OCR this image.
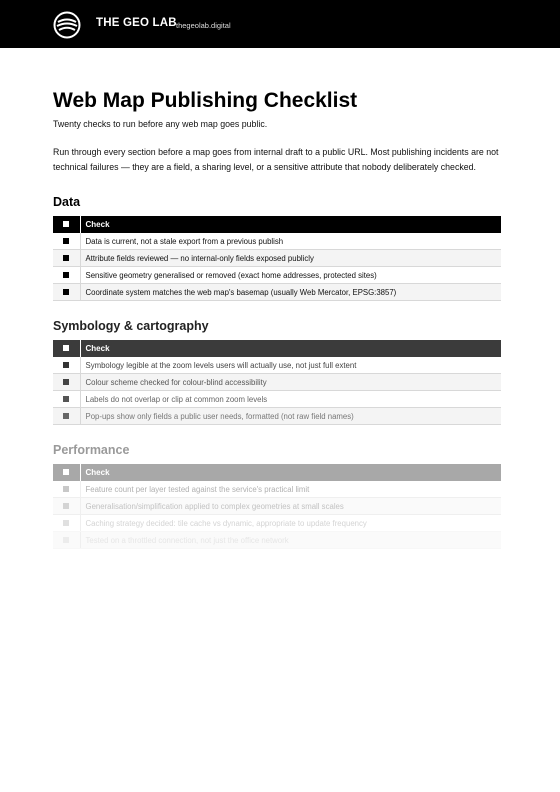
THE GEO LAB thegeolab.digital
Web Map Publishing Checklist
Twenty checks to run before any web map goes public.
Run through every section before a map goes from internal draft to a public URL. Most publishing incidents are not technical failures — they are a field, a sharing level, or a sensitive attribute that nobody deliberately checked.
Data
	Check
	Data is current, not a stale export from a previous publish
	Attribute fields reviewed — no internal-only fields exposed publicly
	Sensitive geometry generalised or removed (exact home addresses, protected sites)
	Coordinate system matches the web map's basemap (usually Web Mercator, EPSG:3857)
Symbology & cartography
	Check
	Symbology legible at the zoom levels users will actually use, not just full extent
	Colour scheme checked for colour-blind accessibility
	Labels do not overlap or clip at common zoom levels
	Pop-ups show only fields a public user needs, formatted (not raw field names)
Performance
	Check
	Feature count per layer tested against the service's practical limit
	Generalisation/simplification applied to complex geometries at small scales
	Caching strategy decided: tile cache vs dynamic, appropriate to update frequency
	Tested on a throttled connection, not just the office network
